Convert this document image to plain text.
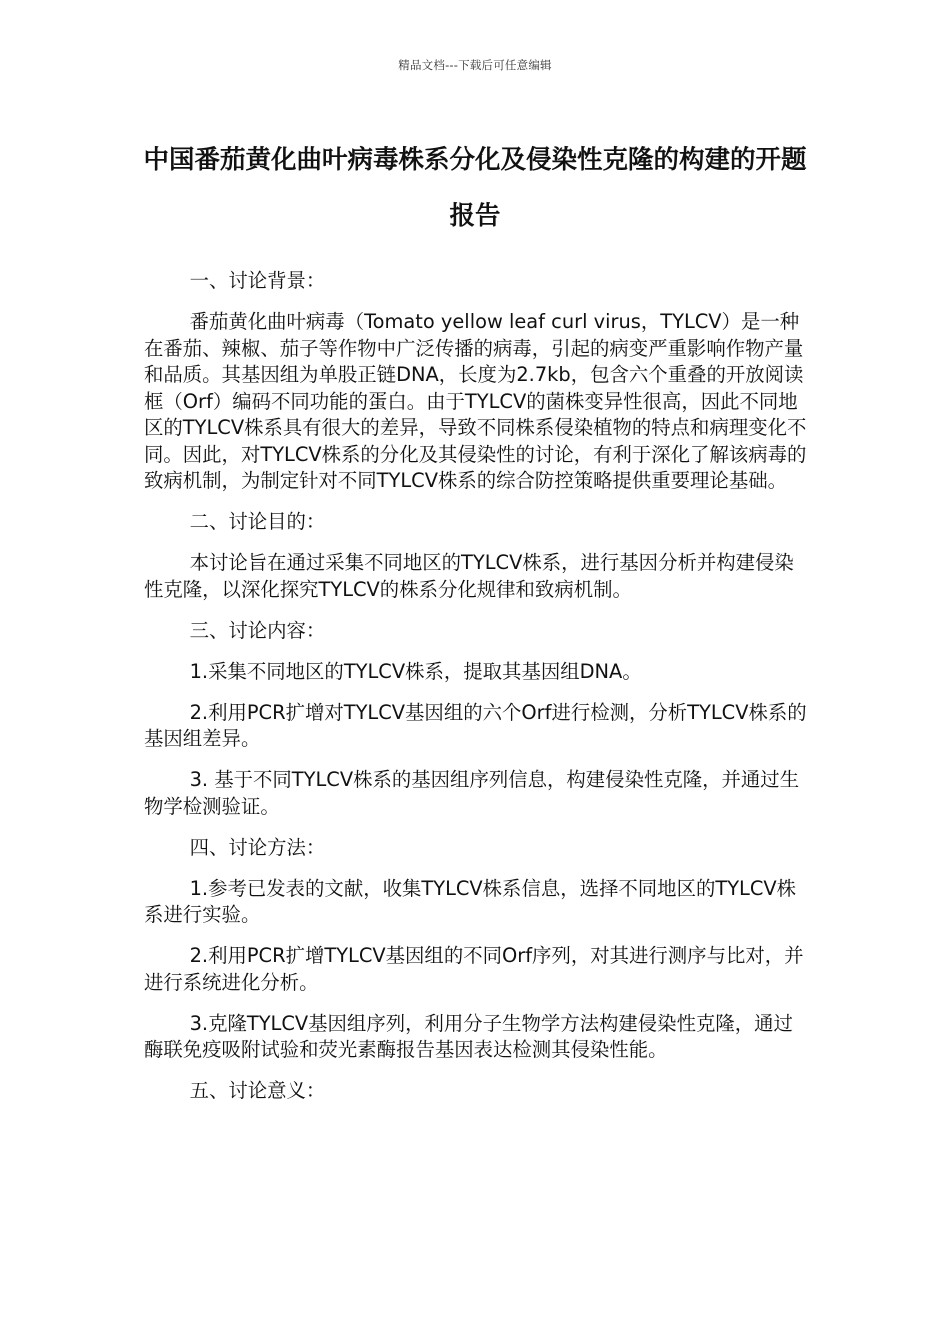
精品文档---下载后可任意编辑
中国番茄黄化曲叶病毒株系分化及侵染性克隆的构建的开题报告

一、讨论背景：

番茄黄化曲叶病毒（Tomato yellow leaf curl virus，TYLCV）是一种在番茄、辣椒、茄子等作物中广泛传播的病毒，引起的病变严重影响作物产量和品质。其基因组为单股正链DNA，长度为2.7kb，包含六个重叠的开放阅读框（Orf）编码不同功能的蛋白。由于TYLCV的菌株变异性很高，因此不同地区的TYLCV株系具有很大的差异，导致不同株系侵染植物的特点和病理变化不同。因此，对TYLCV株系的分化及其侵染性的讨论，有利于深化了解该病毒的致病机制，为制定针对不同TYLCV株系的综合防控策略提供重要理论基础。

二、讨论目的：

本讨论旨在通过采集不同地区的TYLCV株系，进行基因分析并构建侵染性克隆，以深化探究TYLCV的株系分化规律和致病机制。

三、讨论内容：

1.采集不同地区的TYLCV株系，提取其基因组DNA。

2.利用PCR扩增对TYLCV基因组的六个Orf进行检测，分析TYLCV株系的基因组差异。

3. 基于不同TYLCV株系的基因组序列信息，构建侵染性克隆，并通过生物学检测验证。

四、讨论方法：

1.参考已发表的文献，收集TYLCV株系信息，选择不同地区的TYLCV株系进行实验。

2.利用PCR扩增TYLCV基因组的不同Orf序列，对其进行测序与比对，并进行系统进化分析。

3.克隆TYLCV基因组序列，利用分子生物学方法构建侵染性克隆，通过酶联免疫吸附试验和荧光素酶报告基因表达检测其侵染性能。

五、讨论意义：
